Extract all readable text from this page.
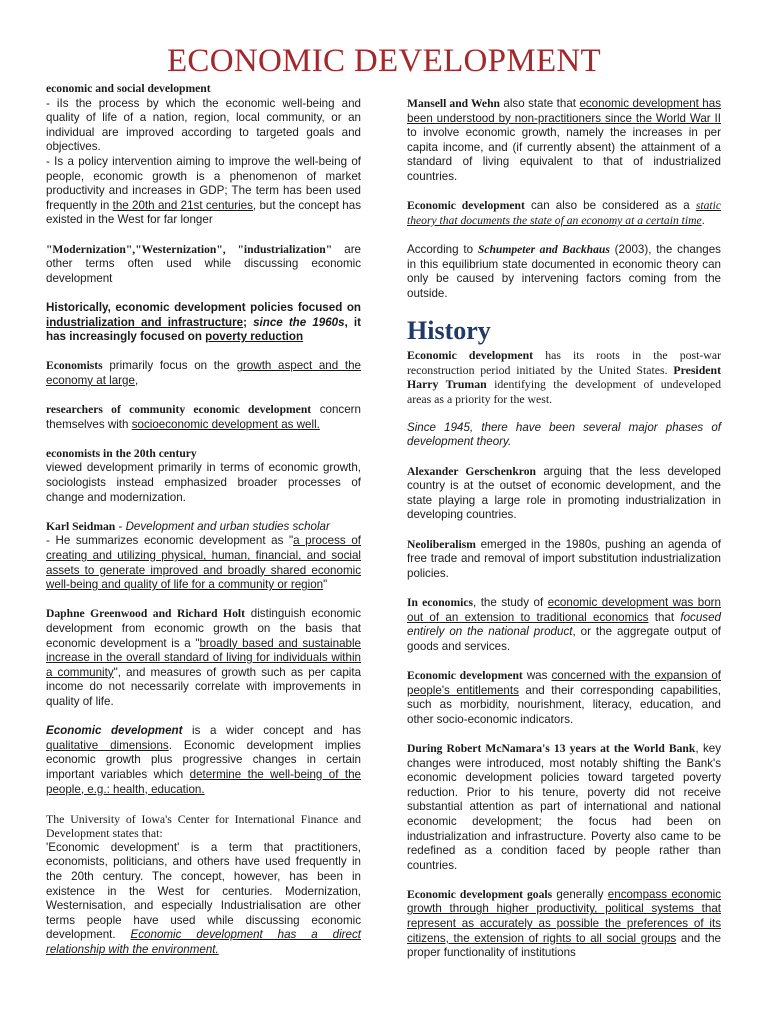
ECONOMIC DEVELOPMENT
economic and social development
- iIs the process by which the economic well-being and quality of life of a nation, region, local community, or an individual are improved according to targeted goals and objectives.

- Is a policy intervention aiming to improve the well-being of people, economic growth is a phenomenon of market productivity and increases in GDP; The term has been used frequently in the 20th and 21st centuries, but the concept has existed in the West for far longer

"Modernization","Westernization", "industrialization" are other terms often used while discussing economic development

Historically, economic development policies focused on industrialization and infrastructure; since the 1960s, it has increasingly focused on poverty reduction

Economists primarily focus on the growth aspect and the economy at large,

researchers of community economic development concern themselves with socioeconomic development as well.

economists in the 20th century
viewed development primarily in terms of economic growth, sociologists instead emphasized broader processes of change and modernization.

Karl Seidman - Development and urban studies scholar
- He summarizes economic development as "a process of creating and utilizing physical, human, financial, and social assets to generate improved and broadly shared economic well-being and quality of life for a community or region"

Daphne Greenwood and Richard Holt distinguish economic development from economic growth on the basis that economic development is a "broadly based and sustainable increase in the overall standard of living for individuals within a community", and measures of growth such as per capita income do not necessarily correlate with improvements in quality of life.

Economic development is a wider concept and has qualitative dimensions. Economic development implies economic growth plus progressive changes in certain important variables which determine the well-being of the people, e.g.: health, education.

The University of Iowa's Center for International Finance and Development states that:
'Economic development' is a term that practitioners, economists, politicians, and others have used frequently in the 20th century. The concept, however, has been in existence in the West for centuries. Modernization, Westernisation, and especially Industrialisation are other terms people have used while discussing economic development. Economic development has a direct relationship with the environment.

Mansell and Wehn also state that economic development has been understood by non-practitioners since the World War II to involve economic growth, namely the increases in per capita income, and (if currently absent) the attainment of a standard of living equivalent to that of industrialized countries.

Economic development can also be considered as a static theory that documents the state of an economy at a certain time.

According to Schumpeter and Backhaus (2003), the changes in this equilibrium state documented in economic theory can only be caused by intervening factors coming from the outside.

History

Economic development has its roots in the post-war reconstruction period initiated by the United States. President Harry Truman identifying the development of undeveloped areas as a priority for the west.

Since 1945, there have been several major phases of development theory.

Alexander Gerschenkron arguing that the less developed country is at the outset of economic development, and the state playing a large role in promoting industrialization in developing countries.

Neoliberalism emerged in the 1980s, pushing an agenda of free trade and removal of import substitution industrialization policies.

In economics, the study of economic development was born out of an extension to traditional economics that focused entirely on the national product, or the aggregate output of goods and services.

Economic development was concerned with the expansion of people's entitlements and their corresponding capabilities, such as morbidity, nourishment, literacy, education, and other socio-economic indicators.

During Robert McNamara's 13 years at the World Bank, key changes were introduced, most notably shifting the Bank's economic development policies toward targeted poverty reduction. Prior to his tenure, poverty did not receive substantial attention as part of international and national economic development; the focus had been on industrialization and infrastructure. Poverty also came to be redefined as a condition faced by people rather than countries.

Economic development goals generally encompass economic growth through higher productivity, political systems that represent as accurately as possible the preferences of its citizens, the extension of rights to all social groups and the proper functionality of institutions
